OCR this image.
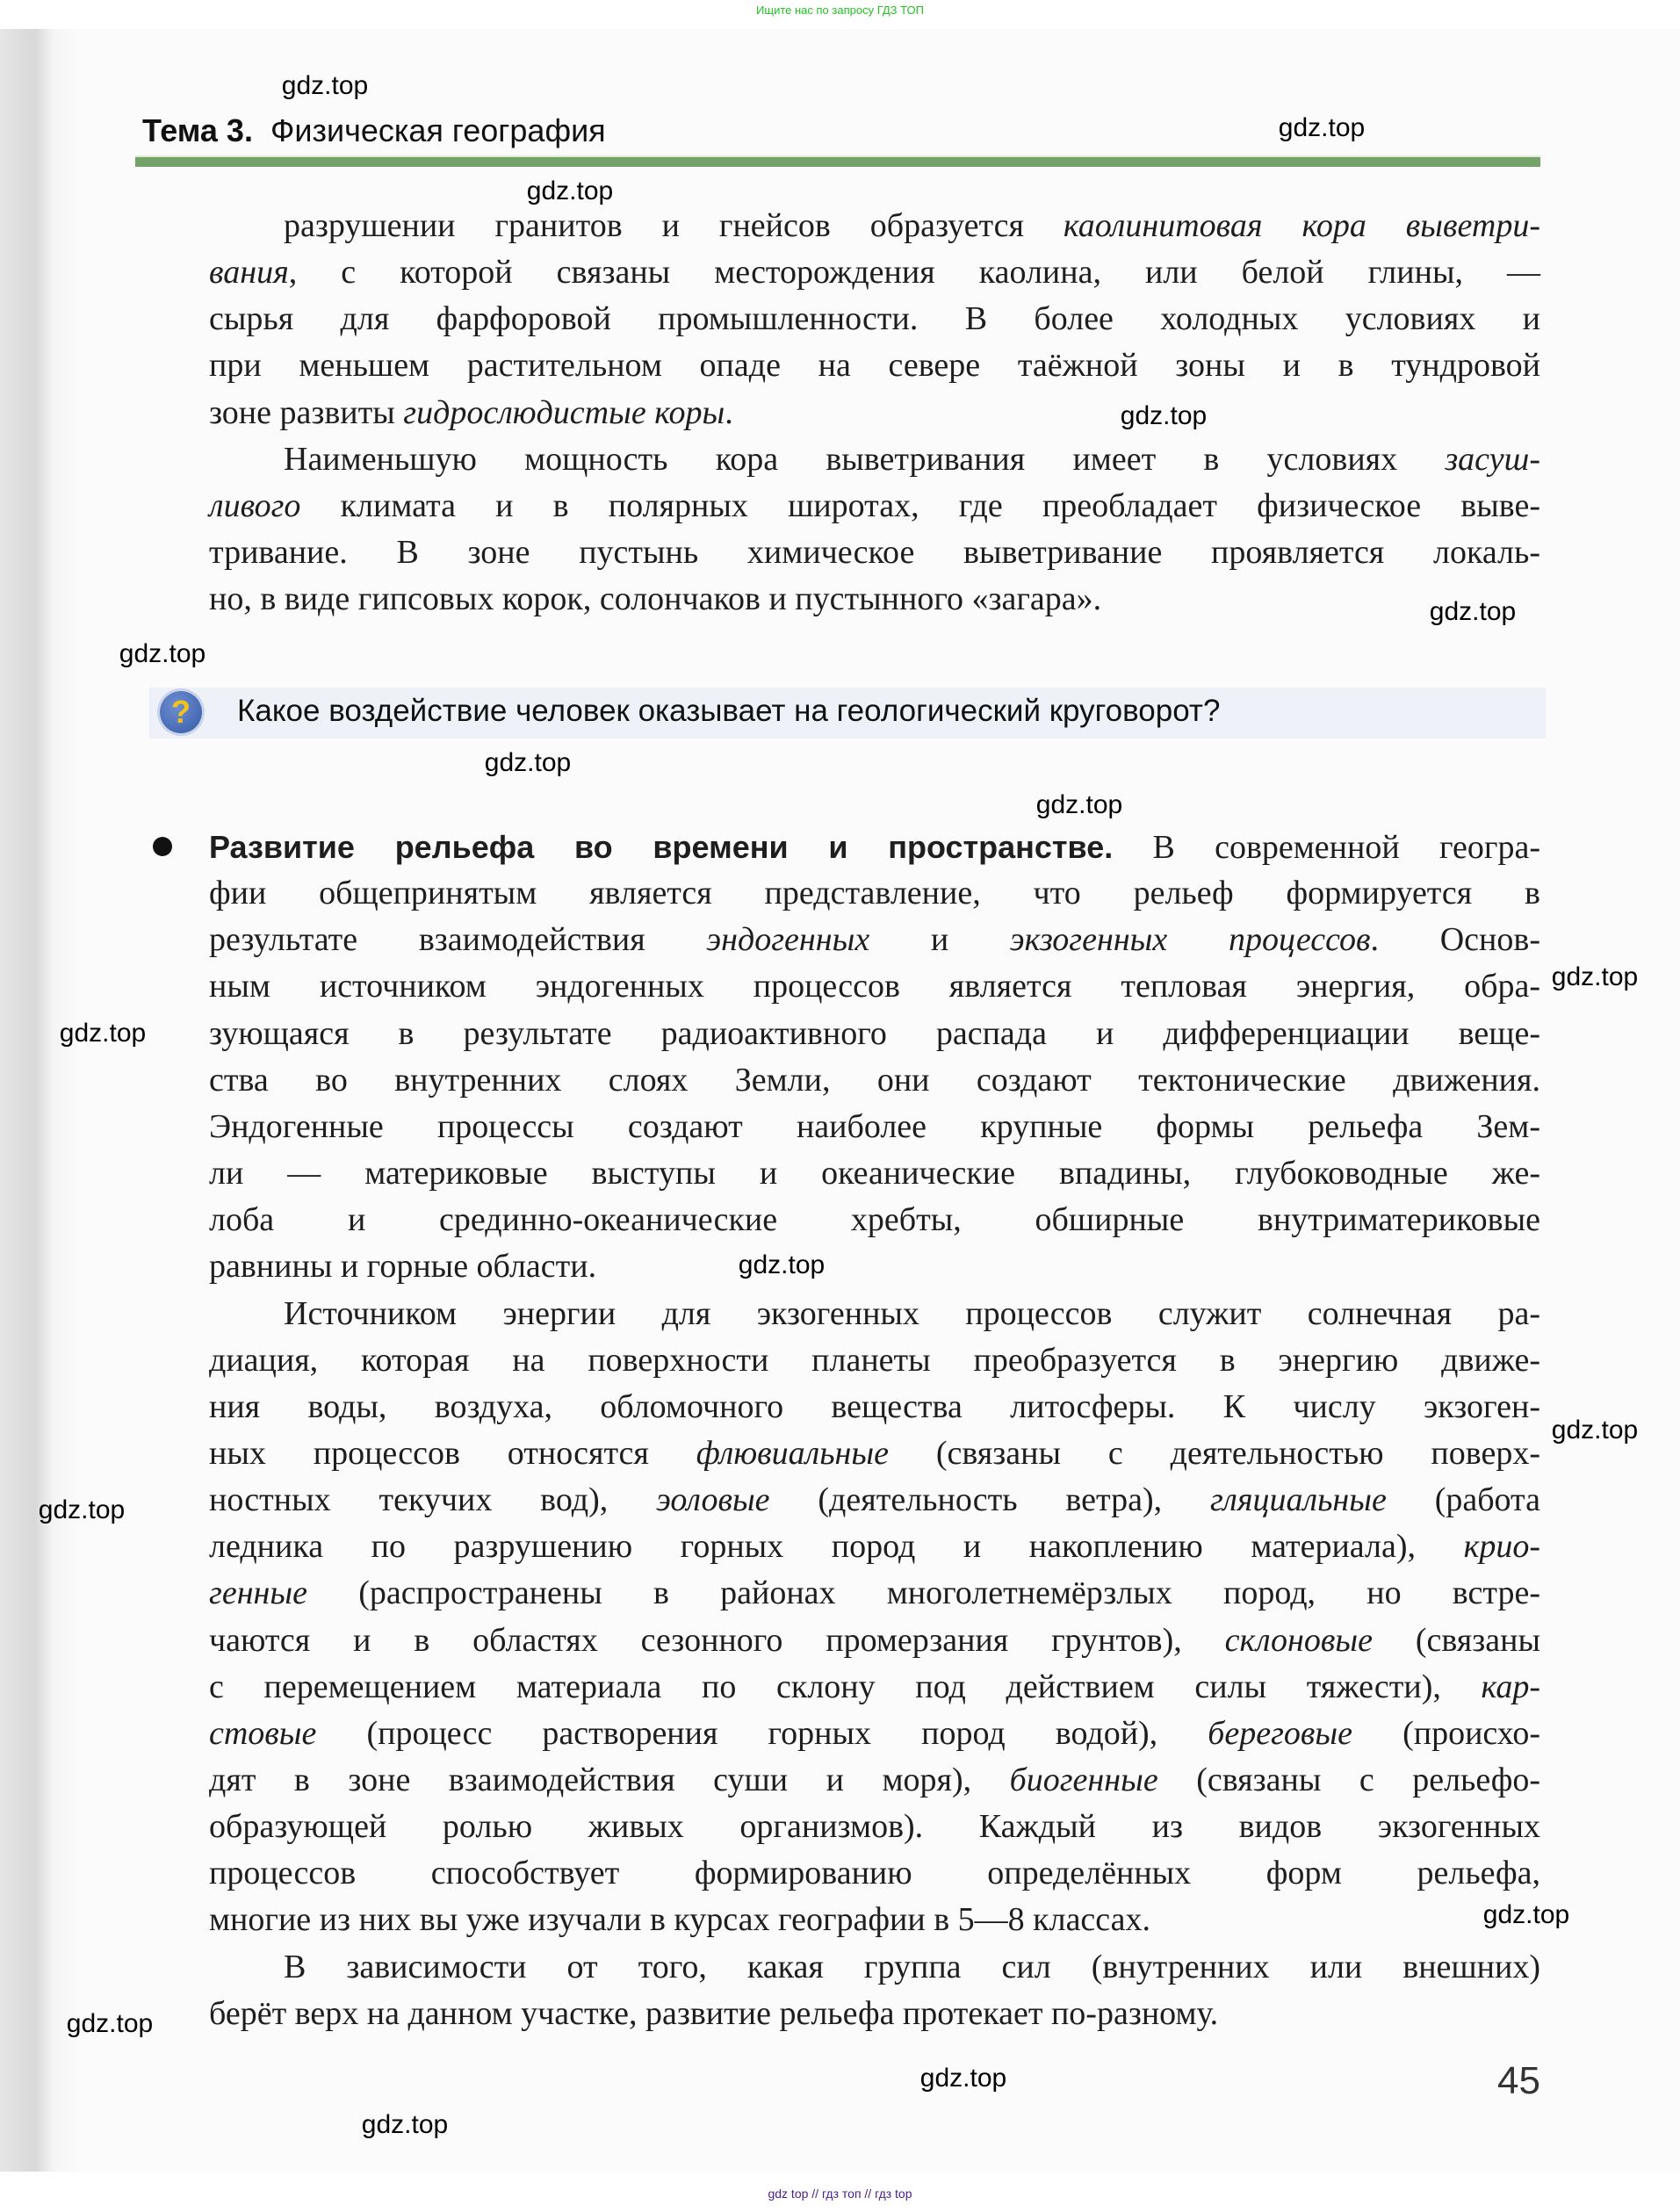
Ищите нас по запросу ГДЗ ТОП
Тема 3. Физическая география
разрушении гранитов и гнейсов образуется каолинитовая кора выветри-
вания, с которой связаны месторождения каолина, или белой глины, —
сырья для фарфоровой промышленности. В более холодных условиях и
при меньшем растительном опаде на севере таёжной зоны и в тундровой
зоне развиты гидрослюдистые коры.
Наименьшую мощность кора выветривания имеет в условиях засуш-
ливого климата и в полярных широтах, где преобладает физическое выве-
тривание. В зоне пустынь химическое выветривание проявляется локаль-
но, в виде гипсовых корок, солончаков и пустынного «загара».
?	Какое воздействие человек оказывает на геологический круговорот?
Развитие рельефа во времени и пространстве. В современной геогра-
фии общепринятым является представление, что рельеф формируется в
результате взаимодействия эндогенных и экзогенных процессов. Основ-
ным источником эндогенных процессов является тепловая энергия, обра-
зующаяся в результате радиоактивного распада и дифференциации веще-
ства во внутренних слоях Земли, они создают тектонические движения.
Эндогенные процессы создают наиболее крупные формы рельефа Зем-
ли — материковые выступы и океанические впадины, глубоководные же-
лоба и срединно-океанические хребты, обширные внутриматериковые
равнины и горные области.
Источником энергии для экзогенных процессов служит солнечная ра-
диация, которая на поверхности планеты преобразуется в энергию движе-
ния воды, воздуха, обломочного вещества литосферы. К числу экзоген-
ных процессов относятся флювиальные (связаны с деятельностью поверх-
ностных текучих вод), эоловые (деятельность ветра), гляциальные (работа
ледника по разрушению горных пород и накоплению материала), крио-
генные (распространены в районах многолетнемёрзлых пород, но встре-
чаются и в областях сезонного промерзания грунтов), склоновые (связаны
с перемещением материала по склону под действием силы тяжести), кар-
стовые (процесс растворения горных пород водой), береговые (происхо-
дят в зоне взаимодействия суши и моря), биогенные (связаны с рельефо-
образующей ролью живых организмов). Каждый из видов экзогенных
процессов способствует формированию определённых форм рельефа,
многие из них вы уже изучали в курсах географии в 5—8 классах.
В зависимости от того, какая группа сил (внутренних или внешних)
берёт верх на данном участке, развитие рельефа протекает по-разному.
45
gdz top // гдз топ // гдз top
gdz.top
gdz.top
gdz.top
gdz.top
gdz.top
gdz.top
gdz.top
gdz.top
gdz.top
gdz.top
gdz.top
gdz.top
gdz.top
gdz.top
gdz.top
gdz.top
gdz.top
